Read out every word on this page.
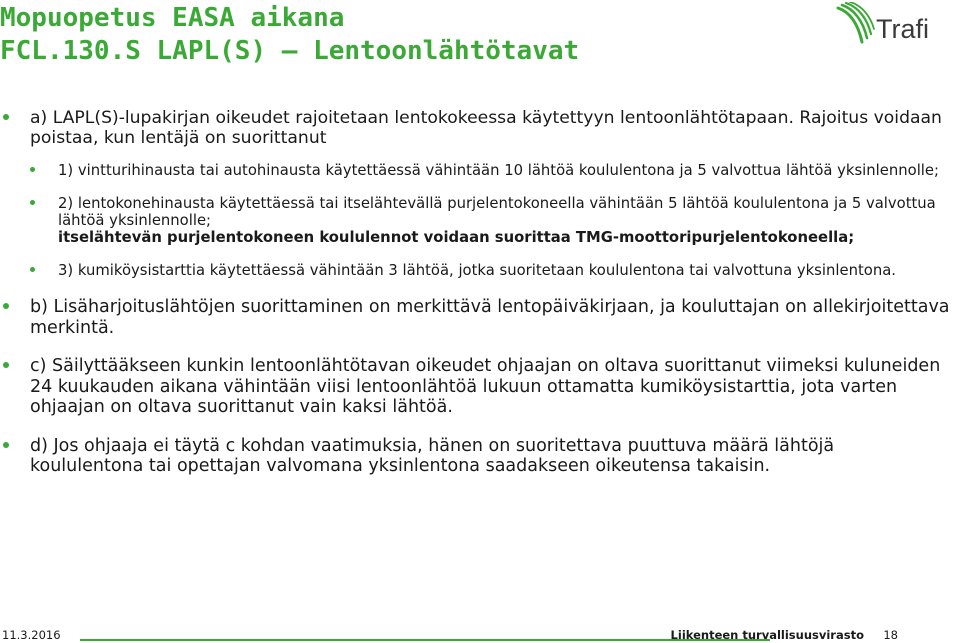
Mopuopetus EASA aikana
FCL.130.S LAPL(S) – Lentoonlähtötavat
Trafi

a) LAPL(S)-lupakirjan oikeudet rajoitetaan lentokokeessa käytettyyn lentoonlähtötapaan. Rajoitus voidaan poistaa, kun lentäjä on suorittanut

1) vintturihinausta tai autohinausta käytettäessä vähintään 10 lähtöä koululentona ja 5 valvottua lähtöä yksinlennolle;

2) lentokonehinausta käytettäessä tai itselähtevällä purjelentokoneella vähintään 5 lähtöä koululentona ja 5 valvottua lähtöä yksinlennolle;

itselähtevän purjelentokoneen koululennot voidaan suorittaa TMG-moottoripurjelentokoneella;

3) kumiköysistarttia käytettäessä vähintään 3 lähtöä, jotka suoritetaan koululentona tai valvottuna yksinlentona.

b) Lisäharjoituslähtöjen suorittaminen on merkittävä lentopäiväkirjaan, ja kouluttajan on allekirjoitettava merkintä.

c) Säilyttääkseen kunkin lentoonlähtötavan oikeudet ohjaajan on oltava suorittanut viimeksi kuluneiden 24 kuukauden aikana vähintään viisi lentoonlähtöä lukuun ottamatta kumiköysistarttia, jota varten ohjaajan on oltava suorittanut vain kaksi lähtöä.

d) Jos ohjaaja ei täytä c kohdan vaatimuksia, hänen on suoritettava puuttuva määrä lähtöjä koululentona tai opettajan valvomana yksinlentona saadakseen oikeutensa takaisin.

11.3.2016	Liikenteen turvallisuusvirasto 18
